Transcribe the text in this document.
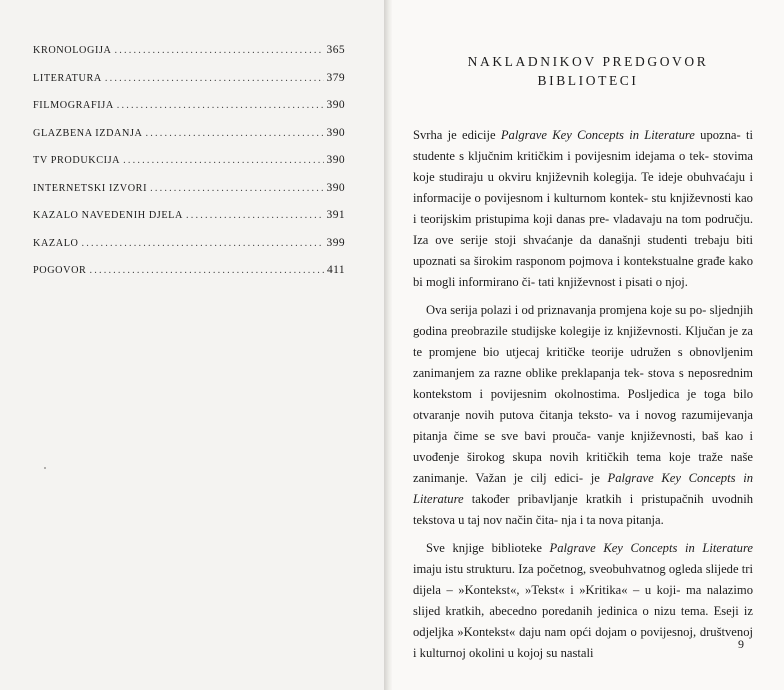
KRONOLOGIJA .....	365
LITERATURA .....	379
FILMOGRAFIJA .....	390
GLAZBENA IZDANJA .....	390
TV PRODUKCIJA .....	390
INTERNETSKI IZVORI .....	390
KAZALO NAVEDENIH DJELA .....	391
KAZALO .....	399
POGOVOR .....	411
NAKLADNIKOV PREDGOVOR
BIBLIOTECI

Svrha je edicije Palgrave Key Concepts in Literature upozna- ti studente s ključnim kritičkim i povijesnim idejama o tek- stovima koje studiraju u okviru književnih kolegija. Te ideje obuhvaćaju i informacije o povijesnom i kulturnom kontek- stu književnosti kao i teorijskim pristupima koji danas pre- vladavaju na tom području. Iza ove serije stoji shvaćanje da današnji studenti trebaju biti upoznati sa širokim rasponom pojmova i kontekstualne građe kako bi mogli informirano či- tati književnost i pisati o njoj.

Ova serija polazi i od priznavanja promjena koje su po- sljednjih godina preobrazile studijske kolegije iz književnosti. Ključan je za te promjene bio utjecaj kritičke teorije udružen s obnovljenim zanimanjem za razne oblike preklapanja tek- stova s neposrednim kontekstom i povijesnim okolnostima. Posljedica je toga bilo otvaranje novih putova čitanja teksto- va i novog razumijevanja pitanja čime se sve bavi proučа- vanje književnosti, baš kao i uvođenje širokog skupa novih kritičkih tema koje traže naše zanimanje. Važan je cilj edici- je Palgrave Key Concepts in Literature također pribavljanje kratkih i pristupačnih uvodnih tekstova u taj nov način čita- nja i ta nova pitanja.

Sve knjige biblioteke Palgrave Key Concepts in Literature imaju istu strukturu. Iza početnog, sveobuhvatnog ogleda slijede tri dijela – »Kontekst«, »Tekst« i »Kritika« – u koji- ma nalazimo slijed kratkih, abecedno poredanih jedinica o nizu tema. Eseji iz odjeljka »Kontekst« daju nam opći dojam o povijesnoj, društvenoj i kulturnoj okolini u kojoj su nastali

9
